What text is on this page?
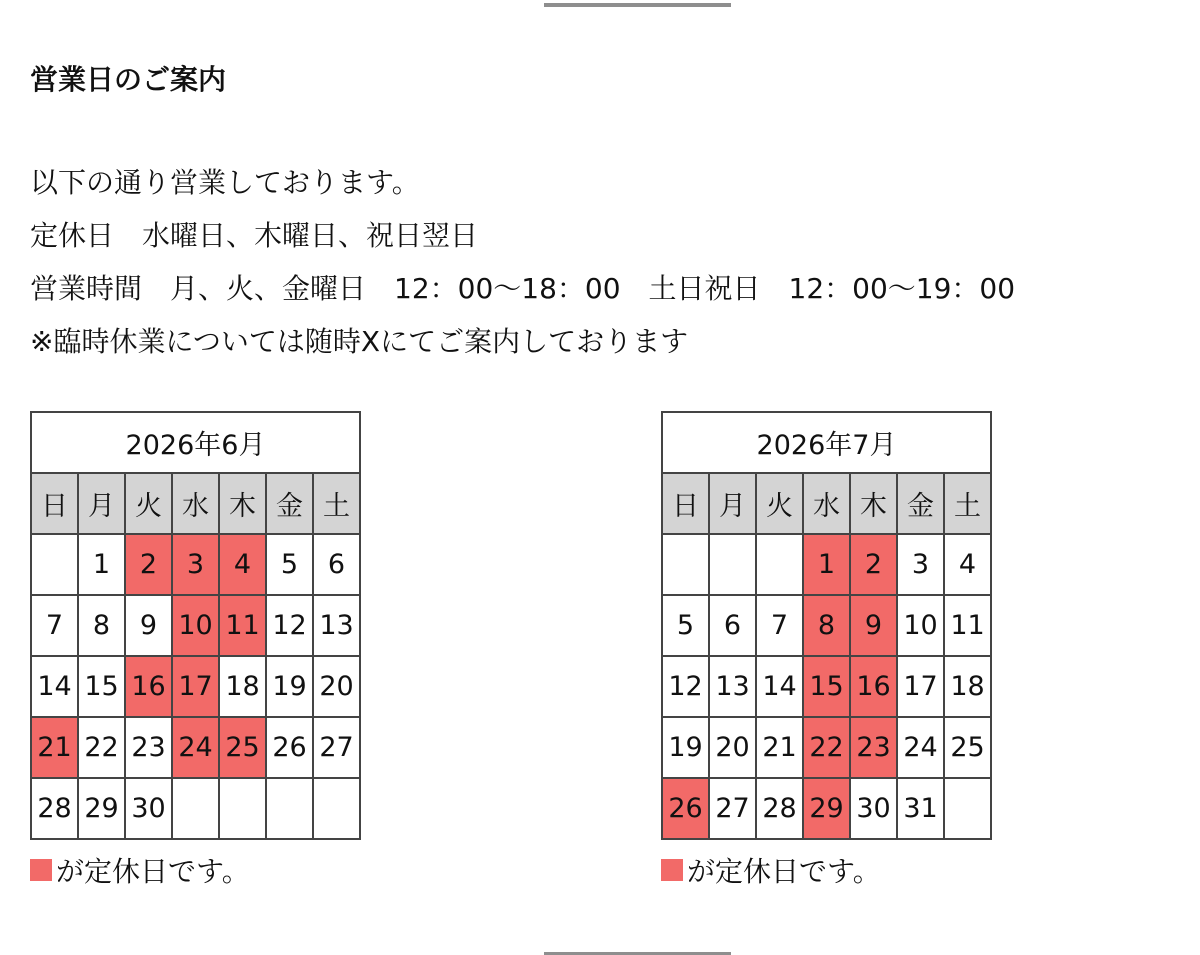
営業日のご案内
以下の通り営業しております。
定休日　水曜日、木曜日、祝日翌日
営業時間　月、火、金曜日　12：00〜18：00　土日祝日　12：00〜19：00
※臨時休業については随時Xにてご案内しております
2026年6月						
日	月	火	水	木	金	土
	1	2	3	4	5	6
7	8	9	10	11	12	13
14	15	16	17	18	19	20
21	22	23	24	25	26	27
28	29	30				
が定休日です。
2026年7月						
日	月	火	水	木	金	土
			1	2	3	4
5	6	7	8	9	10	11
12	13	14	15	16	17	18
19	20	21	22	23	24	25
26	27	28	29	30	31	
が定休日です。
